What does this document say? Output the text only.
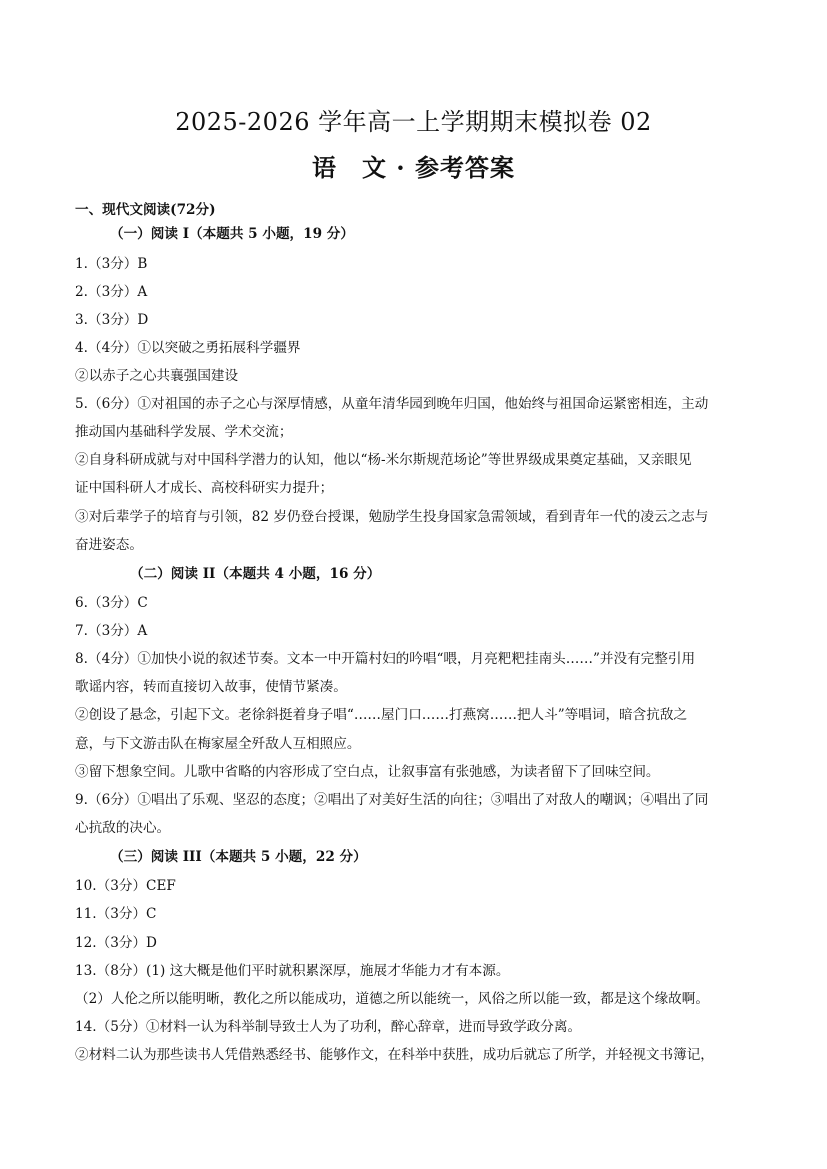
2025-2026 学年高一上学期期末模拟卷 02
语　文 · 参考答案
一、现代文阅读(72分)
（一）阅读 I（本题共 5 小题，19 分）
1.（3分）B
2.（3分）A
3.（3分）D
4.（4分）①以突破之勇拓展科学疆界
②以赤子之心共襄强国建设
5.（6分）①对祖国的赤子之心与深厚情感，从童年清华园到晚年归国，他始终与祖国命运紧密相连，主动
推动国内基础科学发展、学术交流；
②自身科研成就与对中国科学潜力的认知，他以“杨-米尔斯规范场论”等世界级成果奠定基础，又亲眼见
证中国科研人才成长、高校科研实力提升；
③对后辈学子的培育与引领，82 岁仍登台授课，勉励学生投身国家急需领域，看到青年一代的凌云之志与
奋进姿态。
（二）阅读 II（本题共 4 小题，16 分）
6.（3分）C
7.（3分）A
8.（4分）①加快小说的叙述节奏。文本一中开篇村妇的吟唱“喂，月亮粑粑挂南头……”并没有完整引用
歌谣内容，转而直接切入故事，使情节紧凑。
②创设了悬念，引起下文。老徐斜挺着身子唱“……屋门口……打燕窝……把人斗”等唱词，暗含抗敌之
意，与下文游击队在梅家屋全歼敌人互相照应。
③留下想象空间。儿歌中省略的内容形成了空白点，让叙事富有张弛感，为读者留下了回味空间。
9.（6分）①唱出了乐观、坚忍的态度；②唱出了对美好生活的向往；③唱出了对敌人的嘲讽；④唱出了同
心抗敌的决心。
（三）阅读 III（本题共 5 小题，22 分）
10.（3分）CEF
11.（3分）C
12.（3分）D
13.（8分）(1) 这大概是他们平时就积累深厚，施展才华能力才有本源。
（2）人伦之所以能明晰，教化之所以能成功，道德之所以能统一，风俗之所以能一致，都是这个缘故啊。
14.（5分）①材料一认为科举制导致士人为了功利，醉心辞章，进而导致学政分离。
②材料二认为那些读书人凭借熟悉经书、能够作文，在科举中获胜，成功后就忘了所学，并轻视文书簿记，
